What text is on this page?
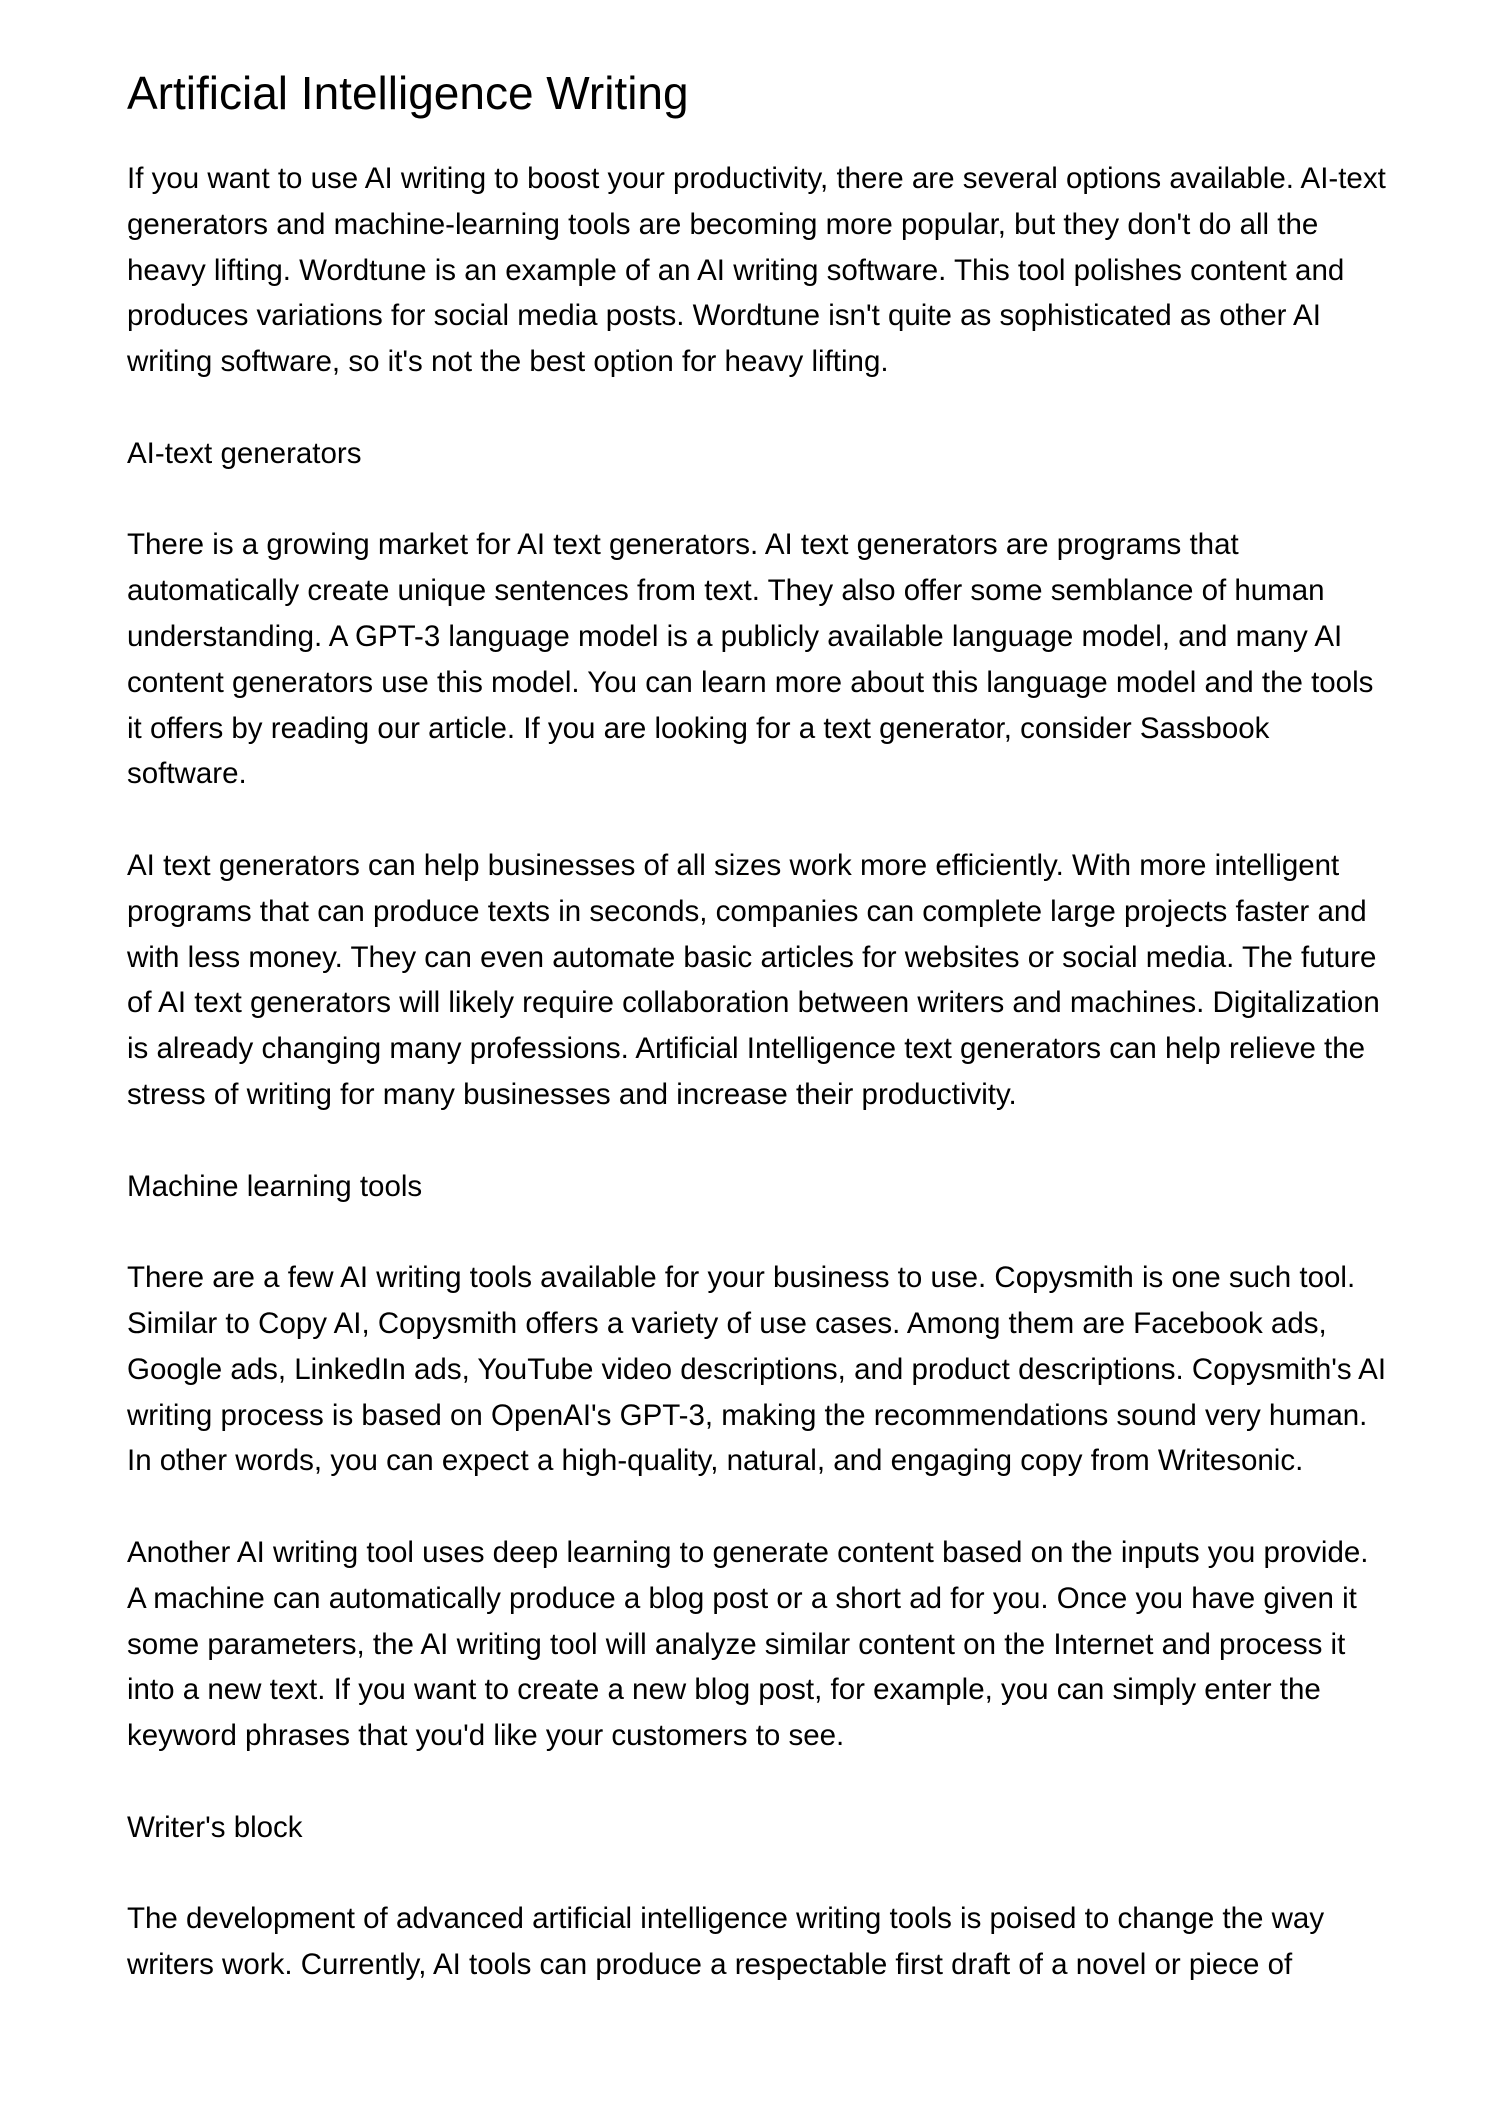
Artificial Intelligence Writing

If you want to use AI writing to boost your productivity, there are several options available. AI-text generators and machine-learning tools are becoming more popular, but they don't do all the heavy lifting. Wordtune is an example of an AI writing software. This tool polishes content and produces variations for social media posts. Wordtune isn't quite as sophisticated as other AI writing software, so it's not the best option for heavy lifting.

AI-text generators

There is a growing market for AI text generators. AI text generators are programs that automatically create unique sentences from text. They also offer some semblance of human understanding. A GPT-3 language model is a publicly available language model, and many AI content generators use this model. You can learn more about this language model and the tools it offers by reading our article. If you are looking for a text generator, consider Sassbook software.

AI text generators can help businesses of all sizes work more efficiently. With more intelligent programs that can produce texts in seconds, companies can complete large projects faster and with less money. They can even automate basic articles for websites or social media. The future of AI text generators will likely require collaboration between writers and machines. Digitalization is already changing many professions. Artificial Intelligence text generators can help relieve the stress of writing for many businesses and increase their productivity.

Machine learning tools

There are a few AI writing tools available for your business to use. Copysmith is one such tool. Similar to Copy AI, Copysmith offers a variety of use cases. Among them are Facebook ads, Google ads, LinkedIn ads, YouTube video descriptions, and product descriptions. Copysmith's AI writing process is based on OpenAI's GPT-3, making the recommendations sound very human. In other words, you can expect a high-quality, natural, and engaging copy from Writesonic.

Another AI writing tool uses deep learning to generate content based on the inputs you provide. A machine can automatically produce a blog post or a short ad for you. Once you have given it some parameters, the AI writing tool will analyze similar content on the Internet and process it into a new text. If you want to create a new blog post, for example, you can simply enter the keyword phrases that you'd like your customers to see.

Writer's block

The development of advanced artificial intelligence writing tools is poised to change the way writers work. Currently, AI tools can produce a respectable first draft of a novel or piece of
